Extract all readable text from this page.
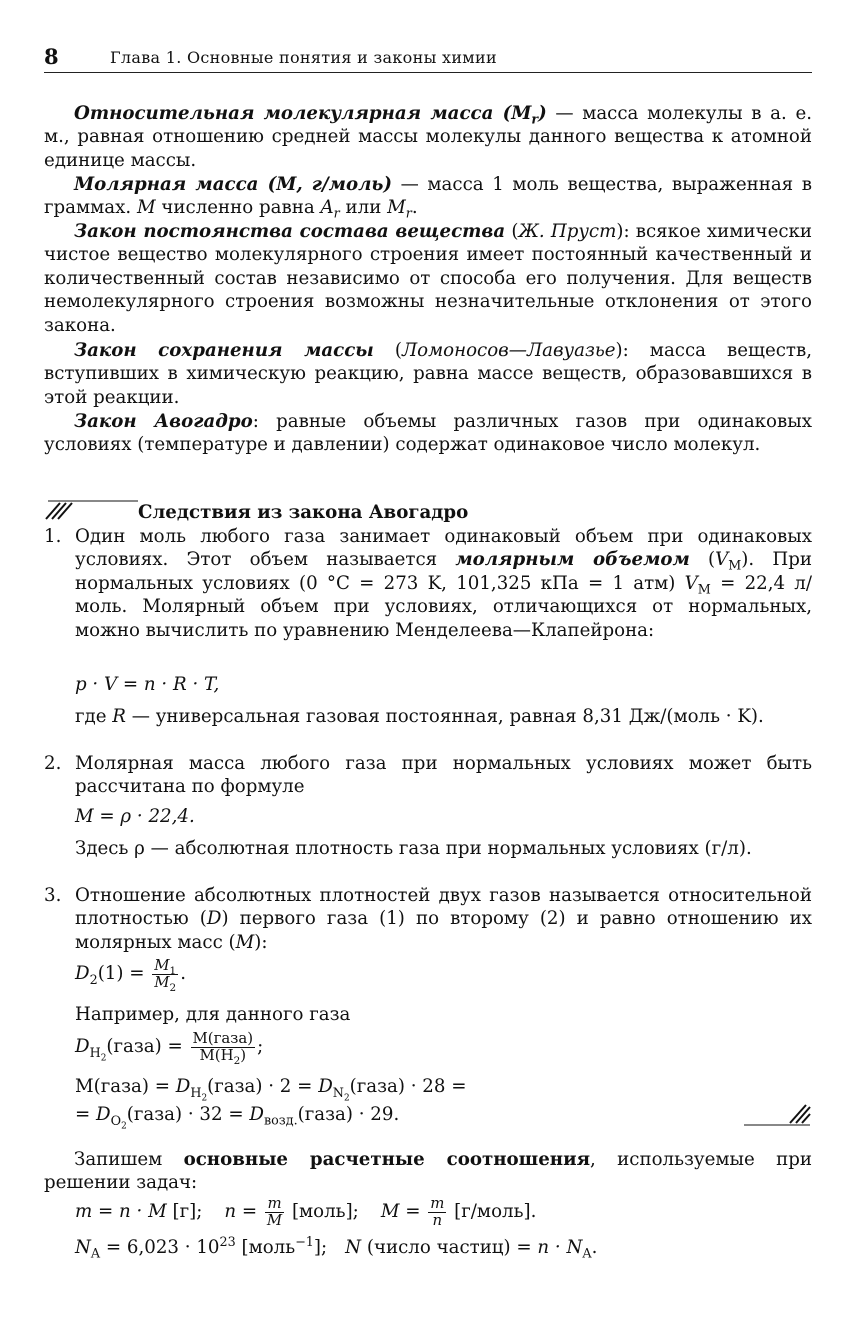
8	Глава 1. Основные понятия и законы химии
Относительная молекулярная масса $(M_r)$ — масса молекулы в а. е. м., равная отношению средней массы молекулы данного вещества к атомной единице массы.
Молярная масса (M, г/моль) — масса 1 моль вещества, выраженная в граммах. M численно равна $A_r$ или $M_r$.
Закон постоянства состава вещества (Ж. Пруст): всякое химически чистое вещество молекулярного строения имеет постоянный качественный и количественный состав независимо от способа его получения. Для веществ немолекулярного строения возможны незначительные отклонения от этого закона.
Закон сохранения массы (Ломоносов—Лавуазье): масса веществ, вступивших в химическую реакцию, равна массе веществ, образовавшихся в этой реакции.
Закон Авогадро: равные объемы различных газов при одинаковых условиях (температуре и давлении) содержат одинаковое число молекул.
Следствия из закона Авогадро
1. Один моль любого газа занимает одинаковый объем при одинаковых условиях. Этот объем называется молярным объемом $(V_M)$. При нормальных условиях (0 °C = 273 K, 101,325 кПа = 1 атм) $V_M = 22,4$ л/моль. Молярный объем при условиях, отличающихся от нормальных, можно вычислить по уравнению Менделеева—Клапейрона:
p · V = n · R · T,
где R — универсальная газовая постоянная, равная 8,31 Дж/(моль · K).
2. Молярная масса любого газа при нормальных условиях может быть рассчитана по формуле
M = ρ · 22,4.
Здесь ρ — абсолютная плотность газа при нормальных условиях (г/л).
3. Отношение абсолютных плотностей двух газов называется относительной плотностью (D) первого газа (1) по второму (2) и равно отношению их молярных масс (M):
$D_2(1) = \frac{M_1}{M_2}$ .
Например, для данного газа
$D_{H_2}(газа) = \frac{\text{M(газа)}}{M(H_2)}$ ;
M(газа) = $D_{H_2}(газа) \cdot 2$ = $D_{N_2}(газа) \cdot 28$ =
= $D_{O_2}(газа) \cdot 32$ = $D_{возд.}(газа) \cdot 29$.
Запишем основные расчетные соотношения, используемые при решении задач:
m = n · M [г]; $n = \frac{m}{M}$ [моль]; $M = \frac{m}{n}$ [г/моль].
$N_A = 6,023 \cdot 10^{23}$ [моль$^{-1}$]; N (число частиц) = $n \cdot N_A$.
